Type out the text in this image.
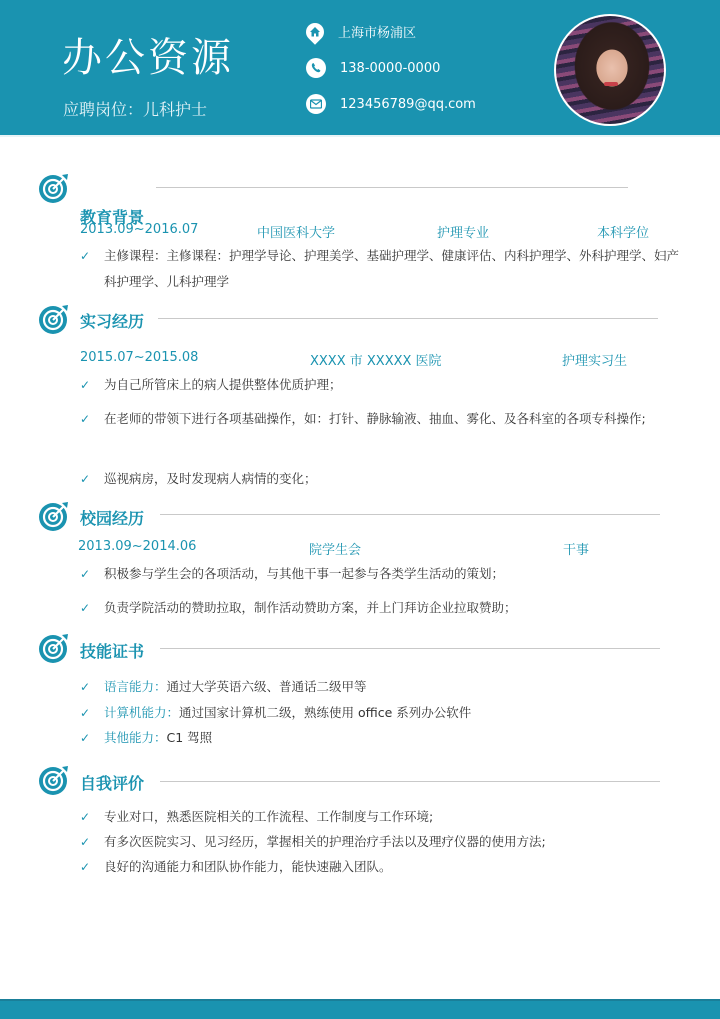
办公资源
应聘岗位：儿科护士
上海市杨浦区
138-0000-0000
123456789@qq.com
教育背景
2013.09~2016.07	中国医科大学	护理专业	本科学位
✓	主修课程：主修课程：护理学导论、护理美学、基础护理学、健康评估、内科护理学、外科护理学、妇产科护理学、儿科护理学
实习经历
2015.07~2015.08	XXXX 市 XXXXX 医院	护理实习生
✓	为自己所管床上的病人提供整体优质护理；
✓	在老师的带领下进行各项基础操作，如：打针、静脉输液、抽血、雾化、及各科室的各项专科操作;
✓	巡视病房，及时发现病人病情的变化；
校园经历
2013.09~2014.06	院学生会	干事
✓	积极参与学生会的各项活动，与其他干事一起参与各类学生活动的策划；
✓	负责学院活动的赞助拉取，制作活动赞助方案，并上门拜访企业拉取赞助；
技能证书
✓	语言能力：通过大学英语六级、普通话二级甲等
✓	计算机能力：通过国家计算机二级，熟练使用 office 系列办公软件
✓	其他能力：C1 驾照
自我评价
✓	专业对口，熟悉医院相关的工作流程、工作制度与工作环境;
✓	有多次医院实习、见习经历，掌握相关的护理治疗手法以及理疗仪器的使用方法;
✓	良好的沟通能力和团队协作能力，能快速融入团队。
